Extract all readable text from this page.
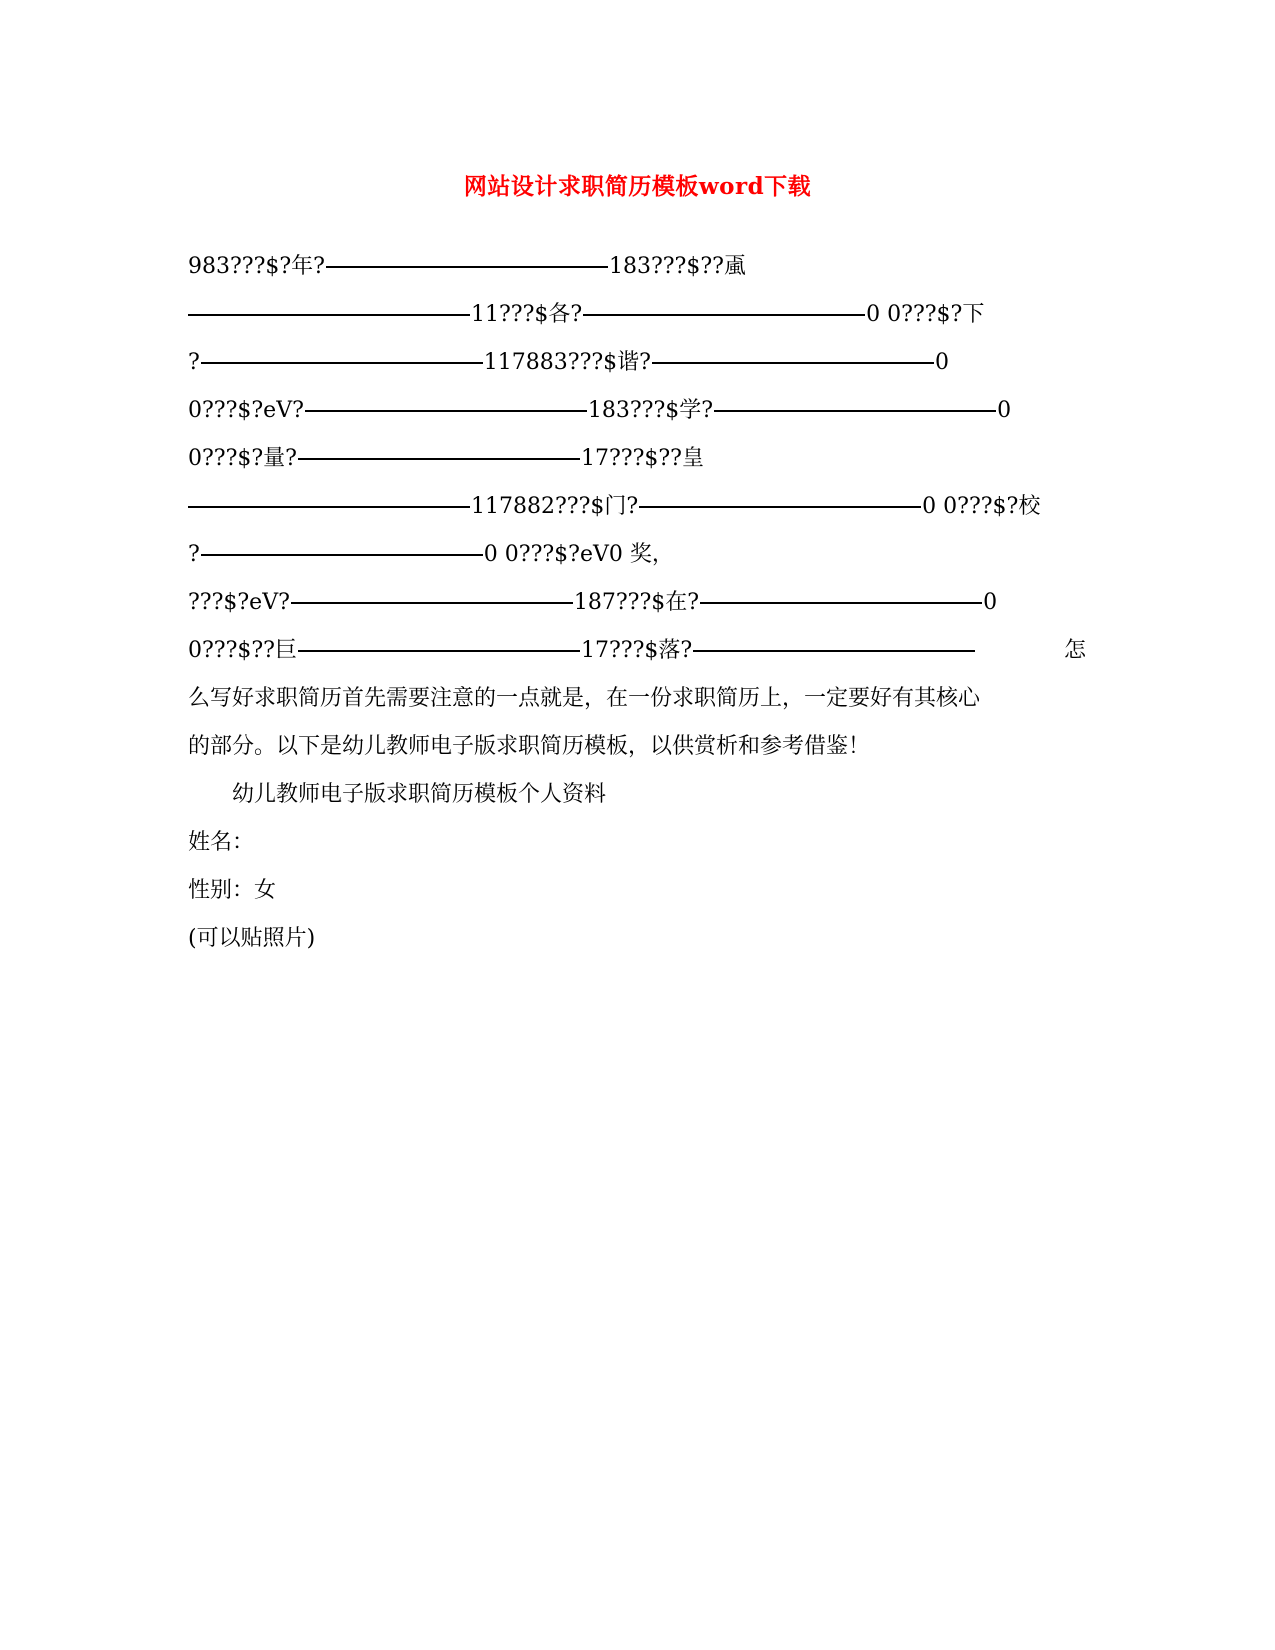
网站设计求职简历模板word下载
983???$?年?	183???$??颪
11???$各?	0 0???$?下
?	117883???$谐?	0
0???$?eV?	183???$学?	0
0???$?量?	17???$??皇
117882???$门?	0 0???$?校
?	0 0???$?eV0 奖，
???$?eV?	187???$在?	0
0???$??巨	17???$落?	怎
么写好求职简历首先需要注意的一点就是，在一份求职简历上，一定要好有其核心
的部分。以下是幼儿教师电子版求职简历模板，以供赏析和参考借鉴！
幼儿教师电子版求职简历模板个人资料
姓名：
性别：女
(可以贴照片)
